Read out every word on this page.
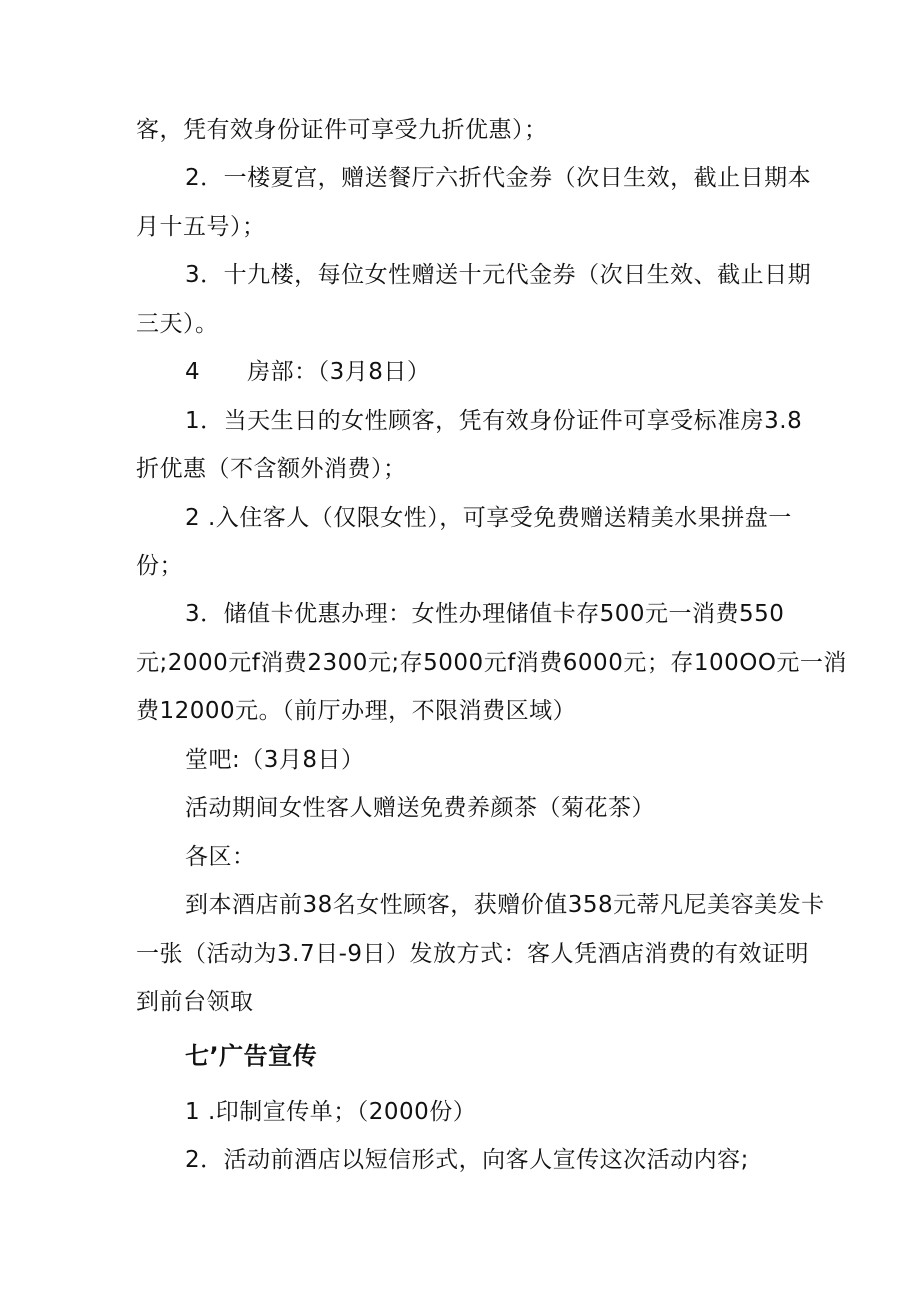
客，凭有效身份证件可享受九折优惠）；
2．一楼夏宫，赠送餐厅六折代金券（次日生效，截止日期本
月十五号）；
3．十九楼，每位女性赠送十元代金券（次日生效、截止日期
三天）。
4　　房部：（3月8日）
1．当天生日的女性顾客，凭有效身份证件可享受标准房3.8
折优惠（不含额外消费）；
2 .入住客人（仅限女性），可享受免费赠送精美水果拼盘一
份；
3．储值卡优惠办理：女性办理储值卡存500元一消费550
元;2000元f消费2300元;存5000元f消费6000元；存100OO元一消
费12000元。（前厅办理，不限消费区域）
堂吧:（3月8日）
活动期间女性客人赠送免费养颜茶（菊花茶）
各区：
到本酒店前38名女性顾客，获赠价值358元蒂凡尼美容美发卡
一张（活动为3.7日-9日）发放方式：客人凭酒店消费的有效证明
到前台领取
七’广告宣传
1 .印制宣传单；（2000份）
2．活动前酒店以短信形式，向客人宣传这次活动内容;
